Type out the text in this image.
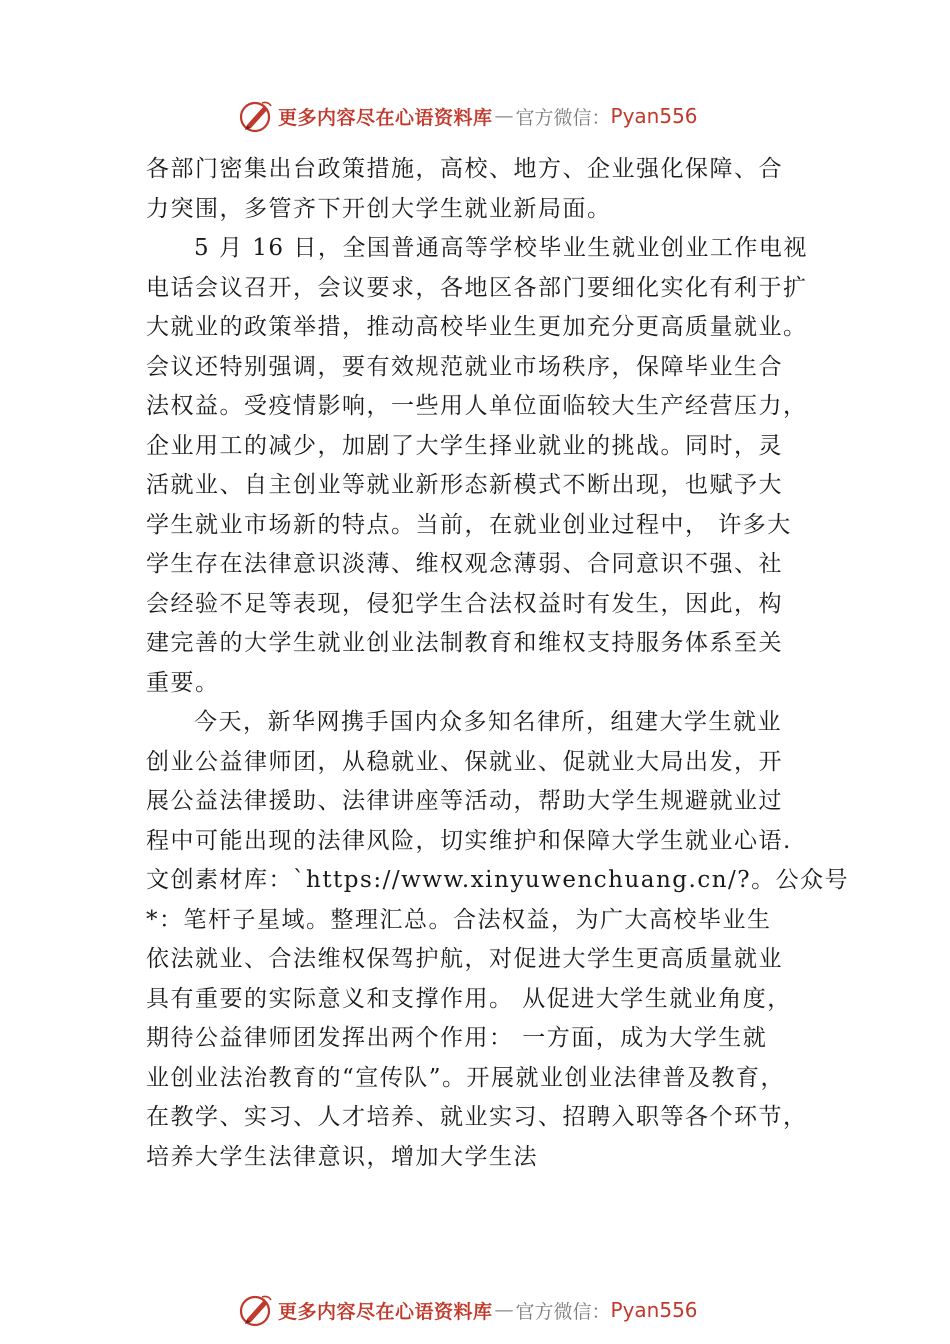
更多内容尽在心语资料库 — 官方微信： Pyan556
各部门密集出台政策措施，高校、地方、企业强化保障、合
力突围，多管齐下开创大学生就业新局面。
5 月 16 日，全国普通高等学校毕业生就业创业工作电视
电话会议召开，会议要求，各地区各部门要细化实化有利于扩
大就业的政策举措，推动高校毕业生更加充分更高质量就业。
会议还特别强调，要有效规范就业市场秩序，保障毕业生合
法权益。受疫情影响，一些用人单位面临较大生产经营压力，
企业用工的减少，加剧了大学生择业就业的挑战。同时，灵
活就业、自主创业等就业新形态新模式不断出现，也赋予大
学生就业市场新的特点。当前，在就业创业过程中， 许多大
学生存在法律意识淡薄、维权观念薄弱、合同意识不强、社
会经验不足等表现，侵犯学生合法权益时有发生，因此，构
建完善的大学生就业创业法制教育和维权支持服务体系至关
重要。
今天，新华网携手国内众多知名律所，组建大学生就业
创业公益律师团，从稳就业、保就业、促就业大局出发，开
展公益法律援助、法律讲座等活动，帮助大学生规避就业过
程中可能出现的法律风险，切实维护和保障大学生就业心语.
文创素材库：`https://www.xinyuwenchuang.cn/?。公众号
*：笔杆子星域。整理汇总。合法权益，为广大高校毕业生
依法就业、合法维权保驾护航，对促进大学生更高质量就业
具有重要的实际意义和支撑作用。 从促进大学生就业角度，
期待公益律师团发挥出两个作用： 一方面，成为大学生就
业创业法治教育的“宣传队”。开展就业创业法律普及教育，
在教学、实习、人才培养、就业实习、招聘入职等各个环节，
培养大学生法律意识，增加大学生法
更多内容尽在心语资料库 — 官方微信： Pyan556
